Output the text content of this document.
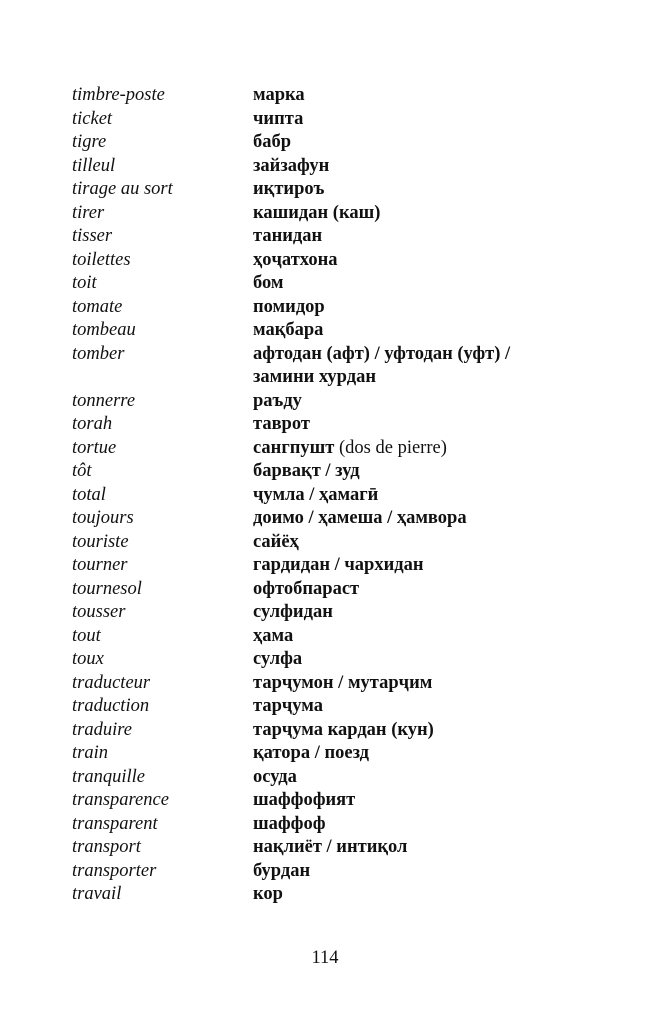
timbre-poste	марка
ticket	чипта
tigre	бабр
tilleul	зайзафун
tirage au sort	иқтироъ
tirer	кашидан (каш)
tisser	танидан
toilettes	ҳоҷатхона
toit	бом
tomate	помидор
tombeau	мақбара
tomber	афтодан (афт) / уфтодан (уфт) / замини хурдан
tonnerre	раъду
torah	таврот
tortue	сангпушт (dos de pierre)
tôt	барвақт / зуд
total	ҷумла / ҳамагӣ
toujours	доимо / ҳамеша / ҳамвора
touriste	сайёҳ
tourner	гардидан / чархидан
tournesol	офтобпараст
tousser	сулфидан
tout	ҳама
toux	сулфа
traducteur	тарҷумон / мутарҷим
traduction	тарҷума
traduire	тарҷума кардан (кун)
train	қатора / поезд
tranquille	осуда
transparence	шаффофият
transparent	шаффоф
transport	нақлиёт / интиқол
transporter	бурдан
travail	кор
114
